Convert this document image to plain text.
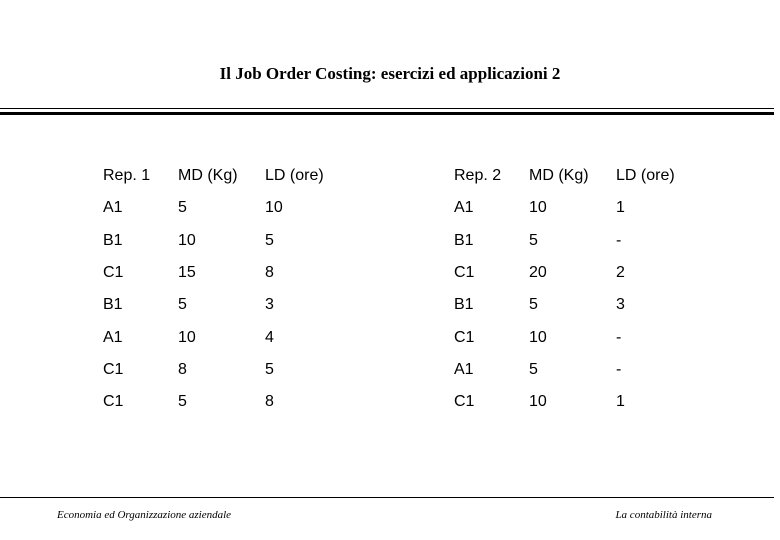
Il Job Order Costing: esercizi ed applicazioni 2
Rep. 1	MD (Kg)	LD (ore)
A1	5	10
B1	10	5
C1	15	8
B1	5	3
A1	10	4
C1	8	5
C1	5	8
Rep. 2	MD (Kg)	LD (ore)
A1	10	1
B1	5	-
C1	20	2
B1	5	3
C1	10	-
A1	5	-
C1	10	1
Economia ed Organizzazione aziendale	La contabilità interna
